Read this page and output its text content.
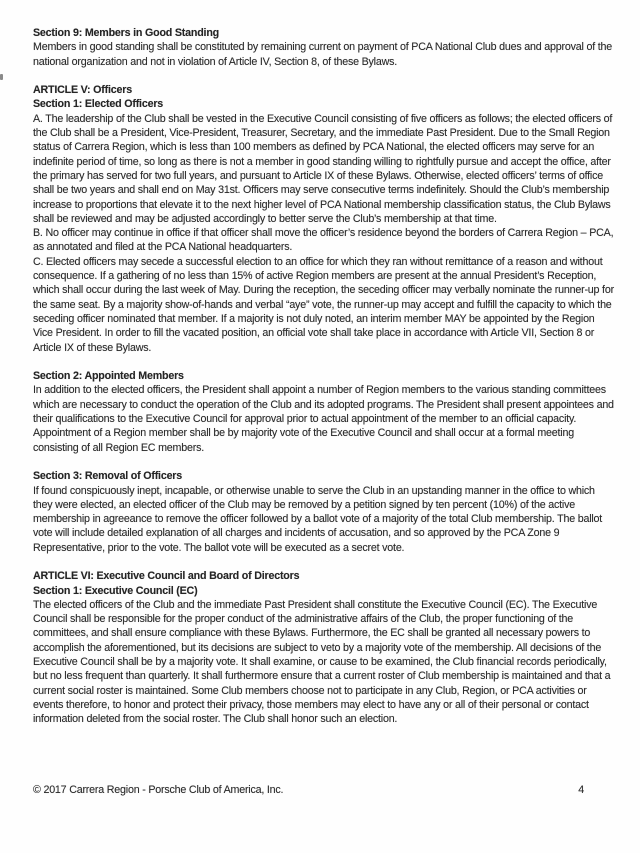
Section 9: Members in Good Standing

Members in good standing shall be constituted by remaining current on payment of PCA National Club dues and approval of the national organization and not in violation of Article IV, Section 8, of these Bylaws.

ARTICLE V: Officers
Section 1: Elected Officers

A. The leadership of the Club shall be vested in the Executive Council consisting of five officers as follows; the elected officers of the Club shall be a President, Vice-President, Treasurer, Secretary, and the immediate Past President. Due to the Small Region status of Carrera Region, which is less than 100 members as defined by PCA National, the elected officers may serve for an indefinite period of time, so long as there is not a member in good standing willing to rightfully pursue and accept the office, after the primary has served for two full years, and pursuant to Article IX of these Bylaws. Otherwise, elected officers’ terms of office shall be two years and shall end on May 31st. Officers may serve consecutive terms indefinitely. Should the Club’s membership increase to proportions that elevate it to the next higher level of PCA National membership classification status, the Club Bylaws shall be reviewed and may be adjusted accordingly to better serve the Club’s membership at that time.

B. No officer may continue in office if that officer shall move the officer’s residence beyond the borders of Carrera Region – PCA, as annotated and filed at the PCA National headquarters.

C. Elected officers may secede a successful election to an office for which they ran without remittance of a reason and without consequence. If a gathering of no less than 15% of active Region members are present at the annual President’s Reception, which shall occur during the last week of May. During the reception, the seceding officer may verbally nominate the runner-up for the same seat. By a majority show-of-hands and verbal “aye” vote, the runner-up may accept and fulfill the capacity to which the seceding officer nominated that member. If a majority is not duly noted, an interim member MAY be appointed by the Region Vice President. In order to fill the vacated position, an official vote shall take place in accordance with Article VII, Section 8 or Article IX of these Bylaws.

Section 2: Appointed Members

In addition to the elected officers, the President shall appoint a number of Region members to the various standing committees which are necessary to conduct the operation of the Club and its adopted programs. The President shall present appointees and their qualifications to the Executive Council for approval prior to actual appointment of the member to an official capacity. Appointment of a Region member shall be by majority vote of the Executive Council and shall occur at a formal meeting consisting of all Region EC members.

Section 3: Removal of Officers

If found conspicuously inept, incapable, or otherwise unable to serve the Club in an upstanding manner in the office to which they were elected, an elected officer of the Club may be removed by a petition signed by ten percent (10%) of the active membership in agreeance to remove the officer followed by a ballot vote of a majority of the total Club membership. The ballot vote will include detailed explanation of all charges and incidents of accusation, and so approved by the PCA Zone 9 Representative, prior to the vote. The ballot vote will be executed as a secret vote.

ARTICLE VI: Executive Council and Board of Directors
Section 1: Executive Council (EC)

The elected officers of the Club and the immediate Past President shall constitute the Executive Council (EC). The Executive Council shall be responsible for the proper conduct of the administrative affairs of the Club, the proper functioning of the committees, and shall ensure compliance with these Bylaws. Furthermore, the EC shall be granted all necessary powers to accomplish the aforementioned, but its decisions are subject to veto by a majority vote of the membership. All decisions of the Executive Council shall be by a majority vote. It shall examine, or cause to be examined, the Club financial records periodically, but no less frequent than quarterly. It shall furthermore ensure that a current roster of Club membership is maintained and that a current social roster is maintained. Some Club members choose not to participate in any Club, Region, or PCA activities or events therefore, to honor and protect their privacy, those members may elect to have any or all of their personal or contact information deleted from the social roster. The Club shall honor such an election.

© 2017 Carrera Region - Porsche Club of America, Inc.	4
